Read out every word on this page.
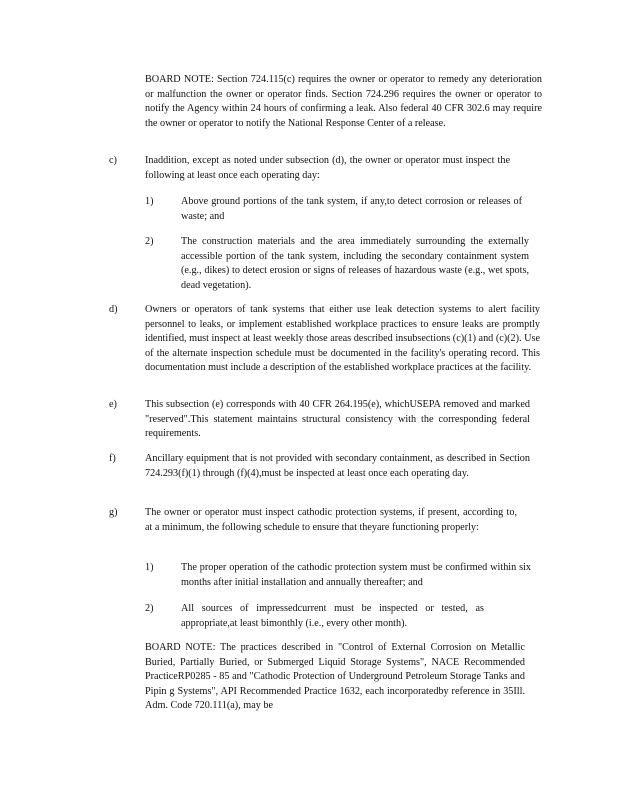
BOARD NOTE: Section 724.115(c) requires the owner or operator to remedy any deterioration or malfunction the owner or operator finds. Section 724.296 requires the owner or operator to notify the Agency within 24 hours of confirming a leak. Also federal 40 CFR 302.6 may require the owner or operator to notify the National Response Center of a release.

c)	Inaddition, except as noted under subsection (d), the owner or operator must inspect the following at least once each operating day:

1)	Above ground portions of the tank system, if any,to detect corrosion or releases of waste; and

2)	The construction materials and the area immediately surrounding the externally accessible portion of the tank system, including the secondary containment system (e.g., dikes) to detect erosion or signs of releases of hazardous waste (e.g., wet spots, dead vegetation).

d)	Owners or operators of tank systems that either use leak detection systems to alert facility personnel to leaks, or implement established workplace practices to ensure leaks are promptly identified, must inspect at least weekly those areas described insubsections (c)(1) and (c)(2). Use of the alternate inspection schedule must be documented in the facility's operating record. This documentation must include a description of the established workplace practices at the facility.

e)	This subsection (e) corresponds with 40 CFR 264.195(e), whichUSEPA removed and marked "reserved".This statement maintains structural consistency with the corresponding federal requirements.

f)	Ancillary equipment that is not provided with secondary containment, as described in Section 724.293(f)(1) through (f)(4),must be inspected at least once each operating day.

g)	The owner or operator must inspect cathodic protection systems, if present, according to, at a minimum, the following schedule to ensure that theyare functioning properly:

1)	The proper operation of the cathodic protection system must be confirmed within six months after initial installation and annually thereafter; and

2)	All sources of impressedcurrent must be inspected or tested, as appropriate,at least bimonthly (i.e., every other month).

BOARD NOTE: The practices described in "Control of External Corrosion on Metallic Buried, Partially Buried, or Submerged Liquid Storage Systems", NACE Recommended PracticeRP0285 - 85 and "Cathodic Protection of Underground Petroleum Storage Tanks and Pipin g Systems", API Recommended Practice 1632, each incorporatedby reference in 35Ill. Adm. Code 720.111(a), may be
